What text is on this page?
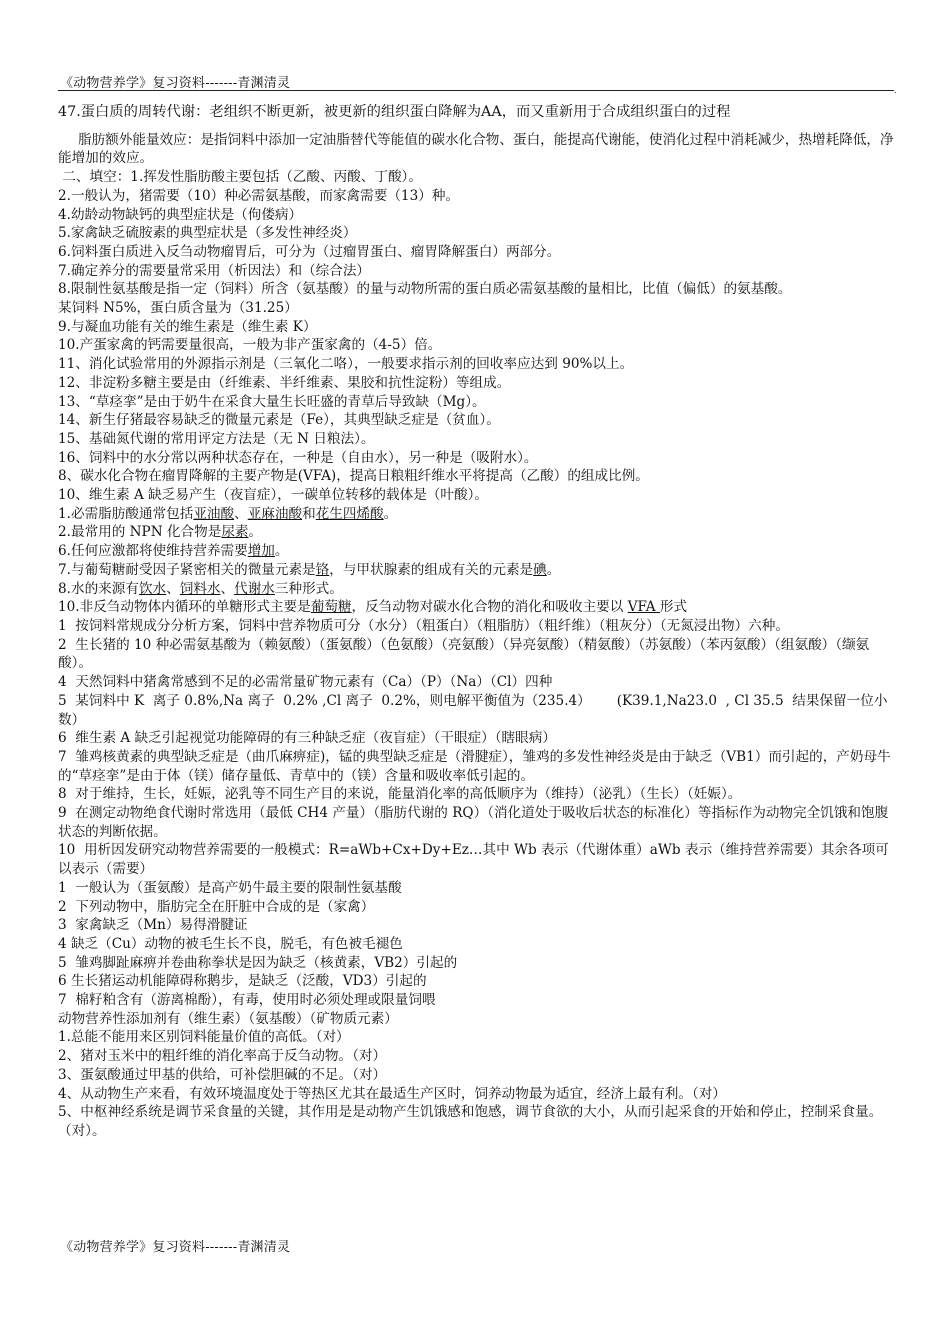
《动物营养学》复习资料-------青渊清灵	.
47.蛋白质的周转代谢：老组织不断更新，被更新的组织蛋白降解为AA，而又重新用于合成组织蛋白的过程
脂肪额外能量效应：是指饲料中添加一定油脂替代等能值的碳水化合物、蛋白，能提高代谢能，使消化过程中消耗减少，热增耗降低，净能增加的效应。
二、填空：1.挥发性脂肪酸主要包括（乙酸、丙酸、丁酸）。
2.一般认为，猪需要（10）种必需氨基酸，而家禽需要（13）种。
4.幼龄动物缺钙的典型症状是（佝偻病）
5.家禽缺乏硫胺素的典型症状是（多发性神经炎）
6.饲料蛋白质进入反刍动物瘤胃后，可分为（过瘤胃蛋白、瘤胃降解蛋白）两部分。
7.确定养分的需要量常采用（析因法）和（综合法）
8.限制性氨基酸是指一定（饲料）所含（氨基酸）的量与动物所需的蛋白质必需氨基酸的量相比，比值（偏低）的氨基酸。
某饲料 N5%，蛋白质含量为（31.25）
9.与凝血功能有关的维生素是（维生素 K）
10.产蛋家禽的钙需要量很高，一般为非产蛋家禽的（4-5）倍。
11、消化试验常用的外源指示剂是（三氧化二咯），一般要求指示剂的回收率应达到 90%以上。
12、非淀粉多糖主要是由（纤维素、半纤维素、果胶和抗性淀粉）等组成。
13、“草痉挛”是由于奶牛在采食大量生长旺盛的青草后导致缺（Mg）。
14、新生仔猪最容易缺乏的微量元素是（Fe），其典型缺乏症是（贫血）。
15、基础氮代谢的常用评定方法是（无 N 日粮法）。
16、饲料中的水分常以两种状态存在，一种是（自由水），另一种是（吸附水）。
8、碳水化合物在瘤胃降解的主要产物是(VFA)，提高日粮粗纤维水平将提高（乙酸）的组成比例。
10、维生素 A 缺乏易产生（夜盲症），一碳单位转移的载体是（叶酸）。
1.必需脂肪酸通常包括亚油酸、亚麻油酸和花生四烯酸。
2.最常用的 NPN 化合物是尿素。
6.任何应激都将使维持营养需要增加。
7.与葡萄糖耐受因子紧密相关的微量元素是铬，与甲状腺素的组成有关的元素是碘。
8.水的来源有饮水、饲料水、代谢水三种形式。
10.非反刍动物体内循环的单糖形式主要是葡萄糖，反刍动物对碳水化合物的消化和吸收主要以 VFA 形式
1  按饲料常规成分分析方案，饲料中营养物质可分（水分）（粗蛋白）（粗脂肪）（粗纤维）（粗灰分）（无氮浸出物）六种。
2  生长猪的 10 种必需氨基酸为（赖氨酸）（蛋氨酸）（色氨酸）（亮氨酸）（异亮氨酸）（精氨酸）（苏氨酸）（苯丙氨酸）（组氨酸）（缬氨酸）。
4  天然饲料中猪禽常感到不足的必需常量矿物元素有（Ca）（P）（Na）（Cl）四种
5  某饲料中 K  离子 0.8%,Na 离子  0.2% ,Cl 离子  0.2%，则电解平衡值为（235.4）      (K39.1,Na23.0  , Cl 35.5  结果保留一位小数）
6  维生素 A 缺乏引起视觉功能障碍的有三种缺乏症（夜盲症）（干眼症）（瞎眼病）
7  雏鸡核黄素的典型缺乏症是（曲爪麻痹症)，锰的典型缺乏症是（滑腱症），雏鸡的多发性神经炎是由于缺乏（VB1）而引起的，产奶母牛的“草痉挛”是由于体（镁）储存量低、青草中的（镁）含量和吸收率低引起的。
8  对于维持，生长，妊娠，泌乳等不同生产目的来说，能量消化率的高低顺序为（维持）（泌乳）（生长）（妊娠）。
9  在测定动物绝食代谢时常选用（最低 CH4 产量）（脂肪代谢的 RQ）（消化道处于吸收后状态的标准化）等指标作为动物完全饥饿和饱腹状态的判断依据。
10  用析因发研究动物营养需要的一般模式：R=aWb+Cx+Dy+Ez…其中 Wb 表示（代谢体重）aWb 表示（维持营养需要）其余各项可以表示（需要）
1  一般认为（蛋氨酸）是高产奶牛最主要的限制性氨基酸
2  下列动物中，脂肪完全在肝脏中合成的是（家禽）
3  家禽缺乏（Mn）易得滑腱证
4 缺乏（Cu）动物的被毛生长不良，脱毛，有色被毛褪色
5  雏鸡脚趾麻痹并卷曲称拳状是因为缺乏（核黄素，VB2）引起的
6 生长猪运动机能障碍称鹅步，是缺乏（泛酸，VD3）引起的
7  棉籽粕含有（游离棉酚），有毒，使用时必须处理或限量饲喂
动物营养性添加剂有（维生素）（氨基酸）（矿物质元素）
1.总能不能用来区别饲料能量价值的高低。（对）
2、猪对玉米中的粗纤维的消化率高于反刍动物。（对）
3、蛋氨酸通过甲基的供给，可补偿胆碱的不足。（对）
4、从动物生产来看，有效环境温度处于等热区尤其在最适生产区时，饲养动物最为适宜，经济上最有利。（对）
5、中枢神经系统是调节采食量的关键，其作用是是动物产生饥饿感和饱感，调节食欲的大小，从而引起采食的开始和停止，控制采食量。（对）。
《动物营养学》复习资料-------青渊清灵
